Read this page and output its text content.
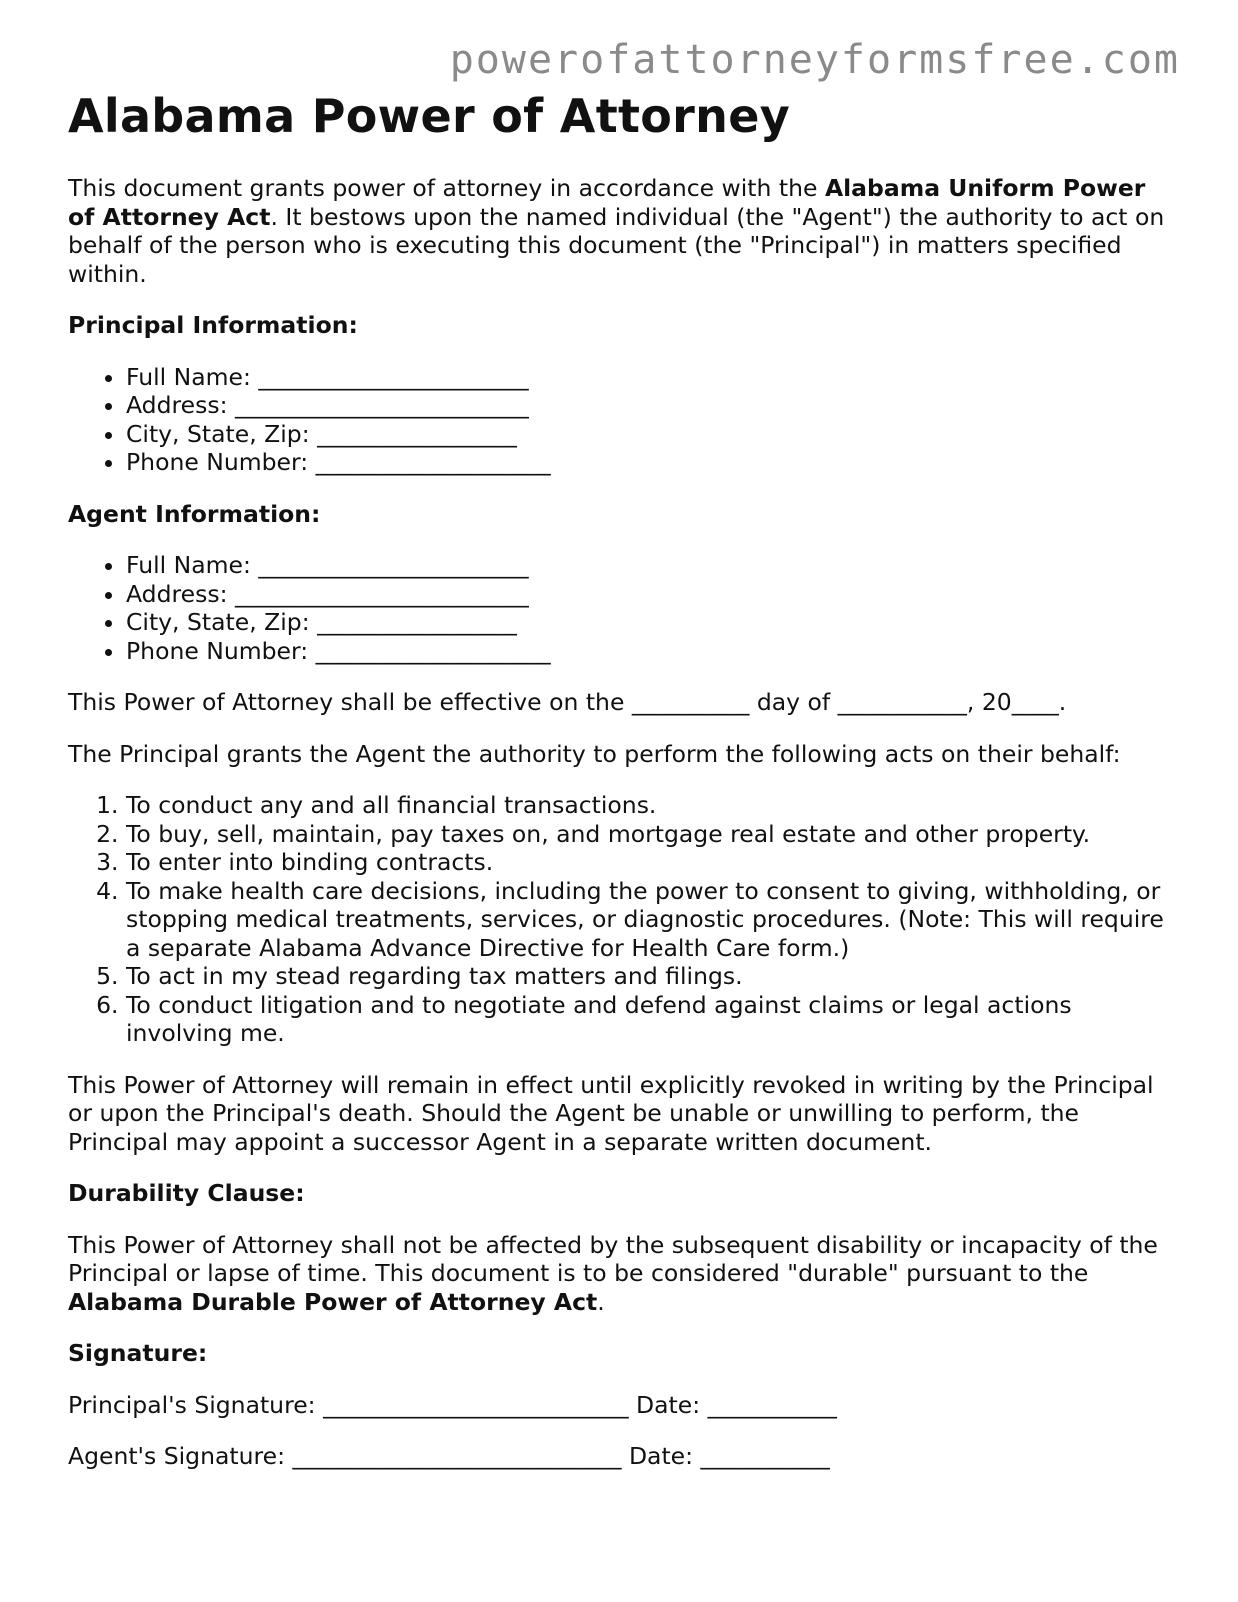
powerofattorneyformsfree.com
Alabama Power of Attorney

This document grants power of attorney in accordance with the Alabama Uniform Power of Attorney Act. It bestows upon the named individual (the "Agent") the authority to act on behalf of the person who is executing this document (the "Principal") in matters specified within.

Principal Information:
• Full Name: _______________________
• Address: _________________________
• City, State, Zip: _________________
• Phone Number: ____________________
Agent Information:
• Full Name: _______________________
• Address: _________________________
• City, State, Zip: _________________
• Phone Number: ____________________

This Power of Attorney shall be effective on the __________ day of ___________, 20____.

The Principal grants the Agent the authority to perform the following acts on their behalf:

1. To conduct any and all financial transactions.
2. To buy, sell, maintain, pay taxes on, and mortgage real estate and other property.
3. To enter into binding contracts.
4. To make health care decisions, including the power to consent to giving, withholding, or stopping medical treatments, services, or diagnostic procedures. (Note: This will require a separate Alabama Advance Directive for Health Care form.)
5. To act in my stead regarding tax matters and filings.
6. To conduct litigation and to negotiate and defend against claims or legal actions involving me.

This Power of Attorney will remain in effect until explicitly revoked in writing by the Principal or upon the Principal's death. Should the Agent be unable or unwilling to perform, the Principal may appoint a successor Agent in a separate written document.

Durability Clause:

This Power of Attorney shall not be affected by the subsequent disability or incapacity of the Principal or lapse of time. This document is to be considered "durable" pursuant to the Alabama Durable Power of Attorney Act.

Signature:
Principal's Signature: __________________________ Date: ___________
Agent's Signature: ____________________________ Date: ___________
